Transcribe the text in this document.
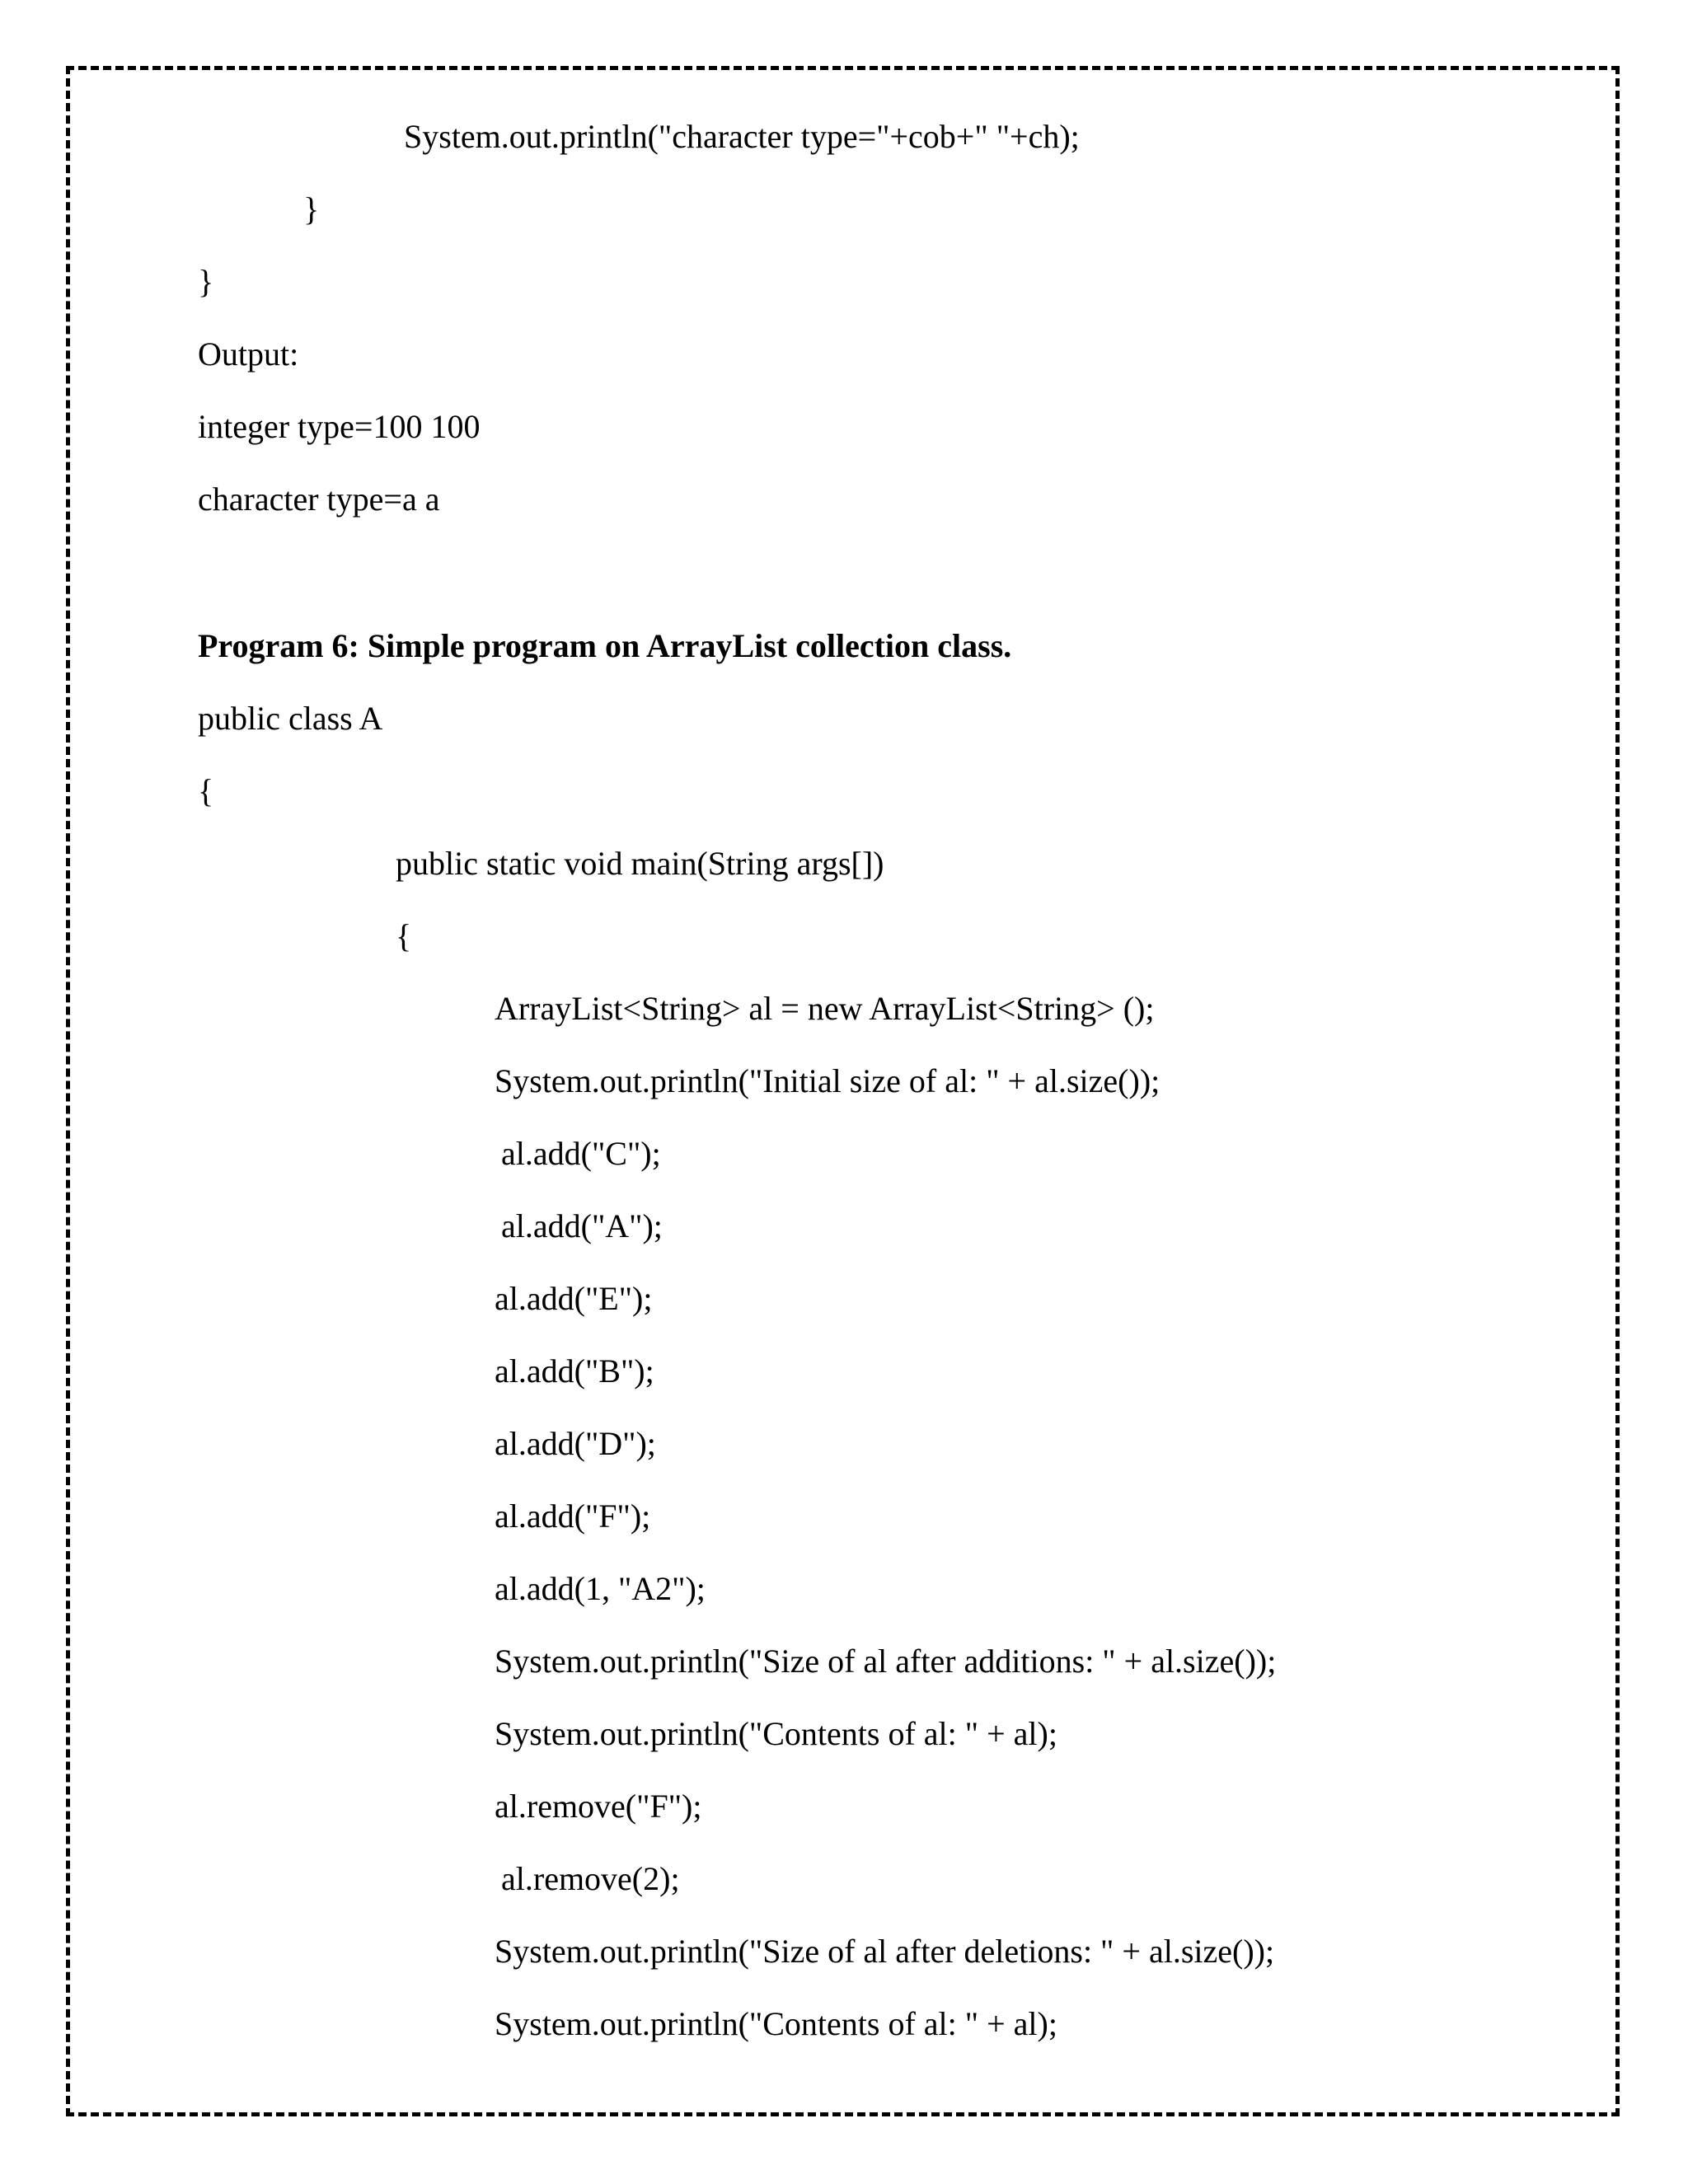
System.out.println("character type="+cob+" "+ch);

}

}

Output:

integer type=100 100

character type=a a

Program 6: Simple program on ArrayList collection class.

public class A

{

public static void main(String args[])

{

ArrayList<String> al = new ArrayList<String> ();

System.out.println("Initial size of al: " + al.size());

al.add("C");

al.add("A");

al.add("E");

al.add("B");

al.add("D");

al.add("F");

al.add(1, "A2");

System.out.println("Size of al after additions: " + al.size());

System.out.println("Contents of al: " + al);

al.remove("F");

al.remove(2);

System.out.println("Size of al after deletions: " + al.size());

System.out.println("Contents of al: " + al);
